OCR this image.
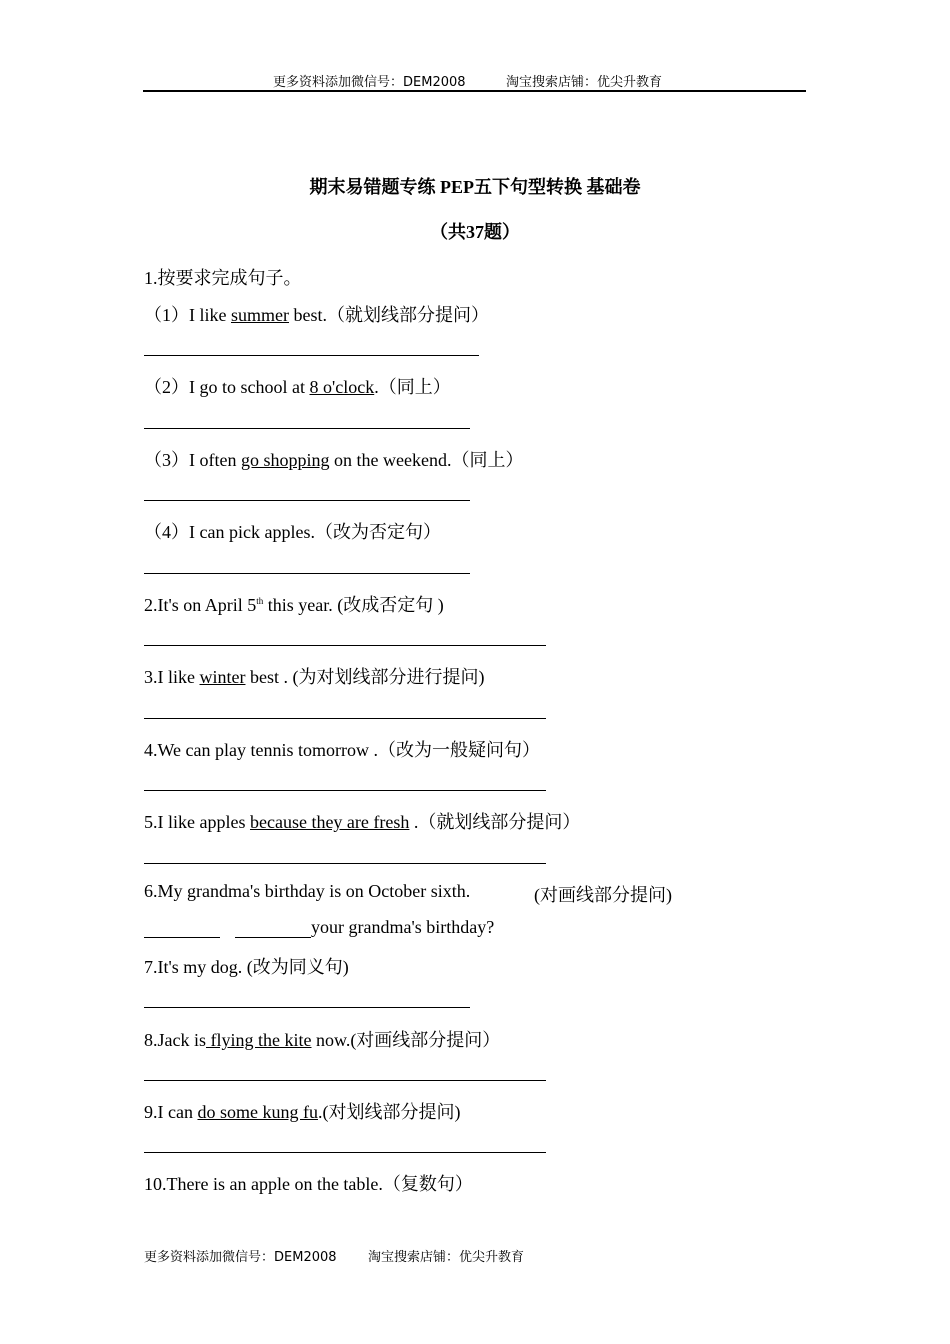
更多资料添加微信号：DEM2008	淘宝搜索店铺：优尖升教育
期末易错题专练 PEP五下句型转换 基础卷
（共37题）
1.按要求完成句子。
（1）I like summer best.（就划线部分提问）
（2）I go to school at 8 o'clock.（同上）
（3）I often go shopping on the weekend.（同上）
（4）I can pick apples.（改为否定句）
2.It's on April 5th this year. (改成否定句 )
3.I like winter best . (为对划线部分进行提问)
4.We can play tennis tomorrow .（改为一般疑问句）
5.I like apples because they are fresh .（就划线部分提问）
6.My grandma's birthday is on October sixth.	(对画线部分提问)
your grandma's birthday?
7.It's my dog. (改为同义句)
8.Jack is flying the kite now.(对画线部分提问）
9.I can do some kung fu.(对划线部分提问)
10.There is an apple on the table.（复数句）
更多资料添加微信号：DEM2008 淘宝搜索店铺：优尖升教育
